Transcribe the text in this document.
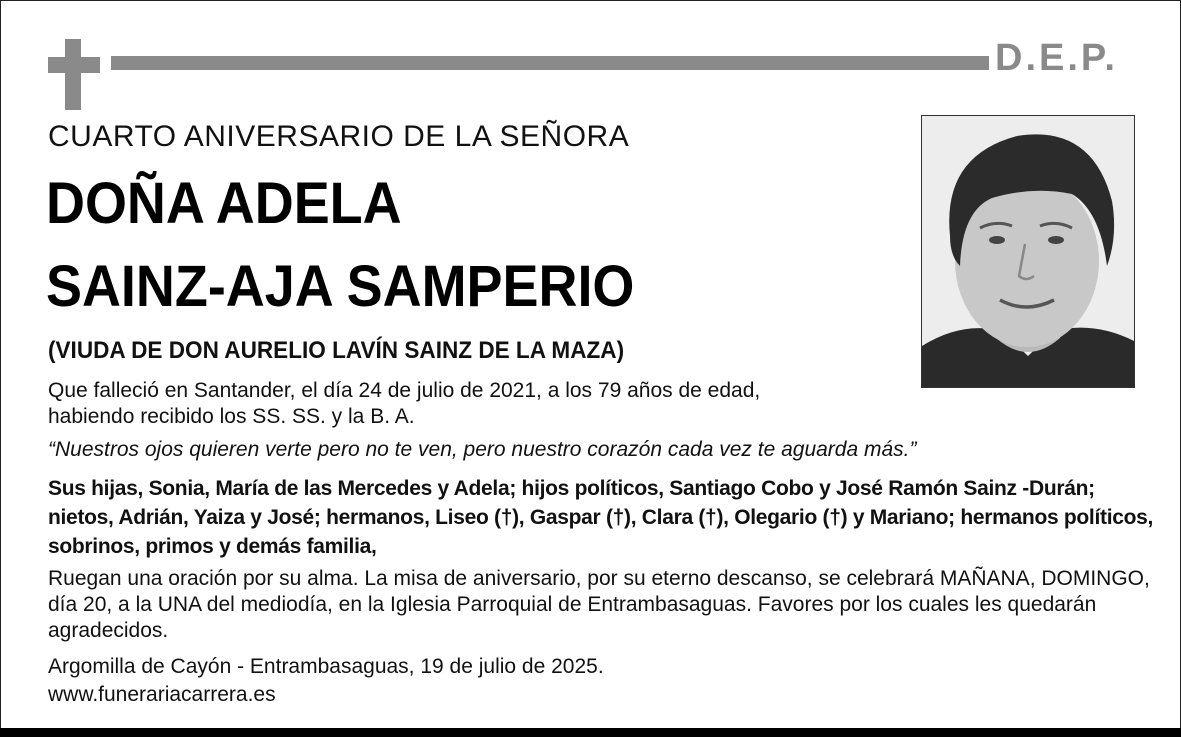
D.E.P.
CUARTO ANIVERSARIO DE LA SEÑORA
DOÑA ADELA
SAINZ-AJA SAMPERIO
(VIUDA DE DON AURELIO LAVÍN SAINZ DE LA MAZA)
Que falleció en Santander, el día 24 de julio de 2021, a los 79 años de edad,
habiendo recibido los SS. SS. y la B. A.

“Nuestros ojos quieren verte pero no te ven, pero nuestro corazón cada vez te aguarda más.”

Sus hijas, Sonia, María de las Mercedes y Adela; hijos políticos, Santiago Cobo y José Ramón Sainz -Durán; nietos, Adrián, Yaiza y José; hermanos, Liseo (†), Gaspar (†), Clara (†), Olegario (†) y Mariano; hermanos políticos, sobrinos, primos y demás familia,

Ruegan una oración por su alma. La misa de aniversario, por su eterno descanso, se celebrará MAÑANA, DOMINGO, día 20, a la UNA del mediodía, en la Iglesia Parroquial de Entrambasaguas. Favores por los cuales les quedarán agradecidos.

Argomilla de Cayón - Entrambasaguas, 19 de julio de 2025.

www.funerariacarrera.es
